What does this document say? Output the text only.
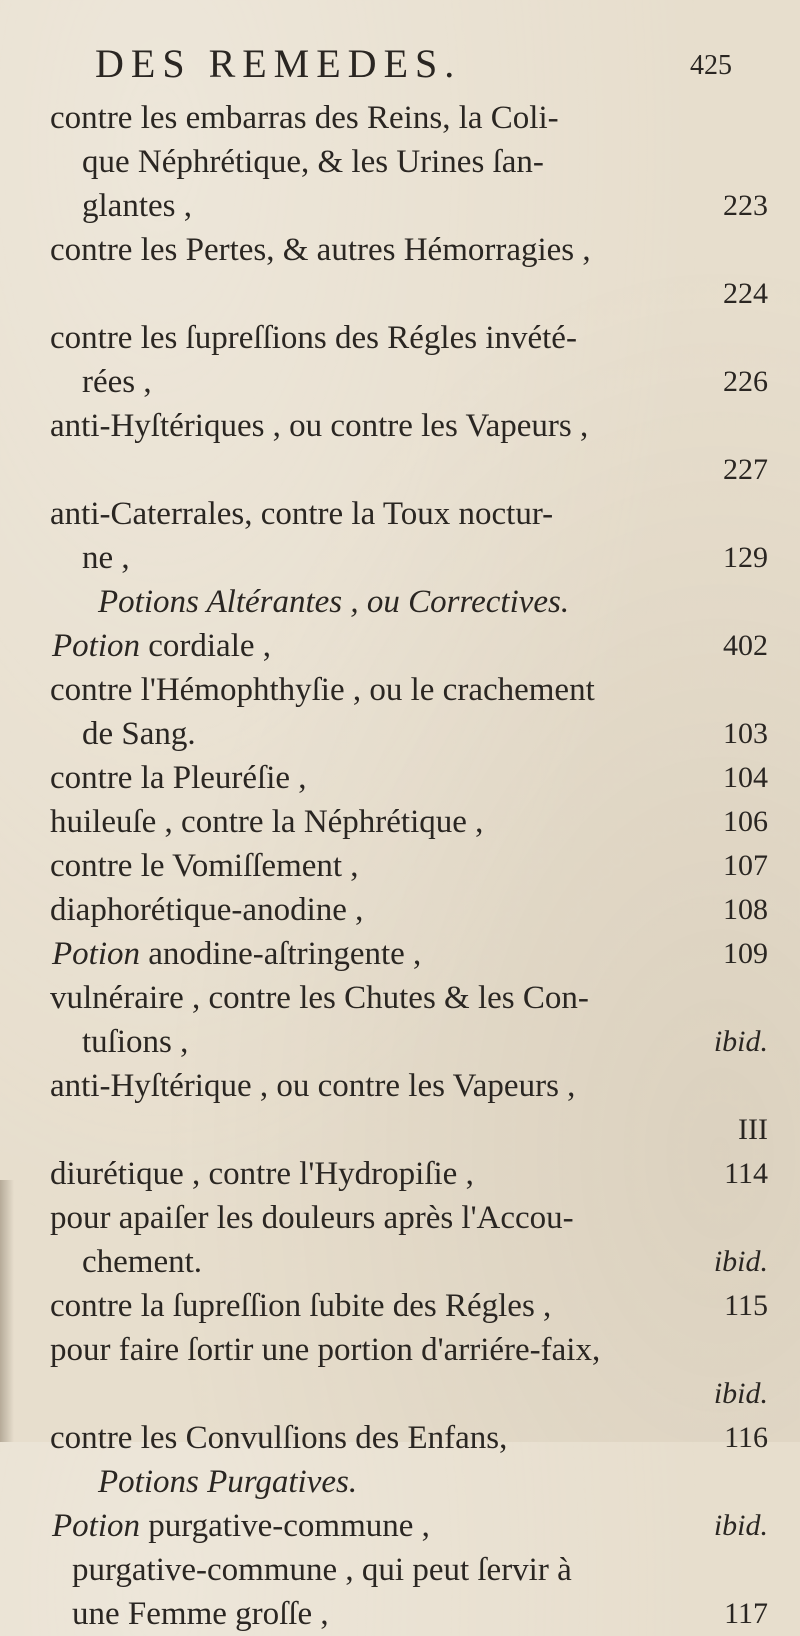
DES REMEDES.	425
contre les embarras des Reins, la Coli-
que Néphrétique, & les Urines ſan-
glantes ,	223
contre les Pertes, & autres Hémorragies ,
224
contre les ſupreſſions des Régles invété-
rées ,	226
anti-Hyſtériques , ou contre les Vapeurs ,
227
anti-Caterrales, contre la Toux noctur-
ne ,	129
Potions Altérantes , ou Correctives.
Potion cordiale ,	402
contre l'Hémophthyſie , ou le crachement
de Sang.	103
contre la Pleuréſie ,	104
huileuſe , contre la Néphrétique ,	106
contre le Vomiſſement ,	107
diaphorétique-anodine ,	108
Potion anodine-aſtringente ,	109
vulnéraire , contre les Chutes & les Con-
tuſions ,	ibid.
anti-Hyſtérique , ou contre les Vapeurs ,
III
diurétique , contre l'Hydropiſie ,	114
pour apaiſer les douleurs après l'Accou-
chement.	ibid.
contre la ſupreſſion ſubite des Régles ,	115
pour faire ſortir une portion d'arriére-faix,
ibid.
contre les Convulſions des Enfans,	116
Potions Purgatives.
Potion purgative-commune ,	ibid.
purgative-commune , qui peut ſervir à
une Femme groſſe ,	117
